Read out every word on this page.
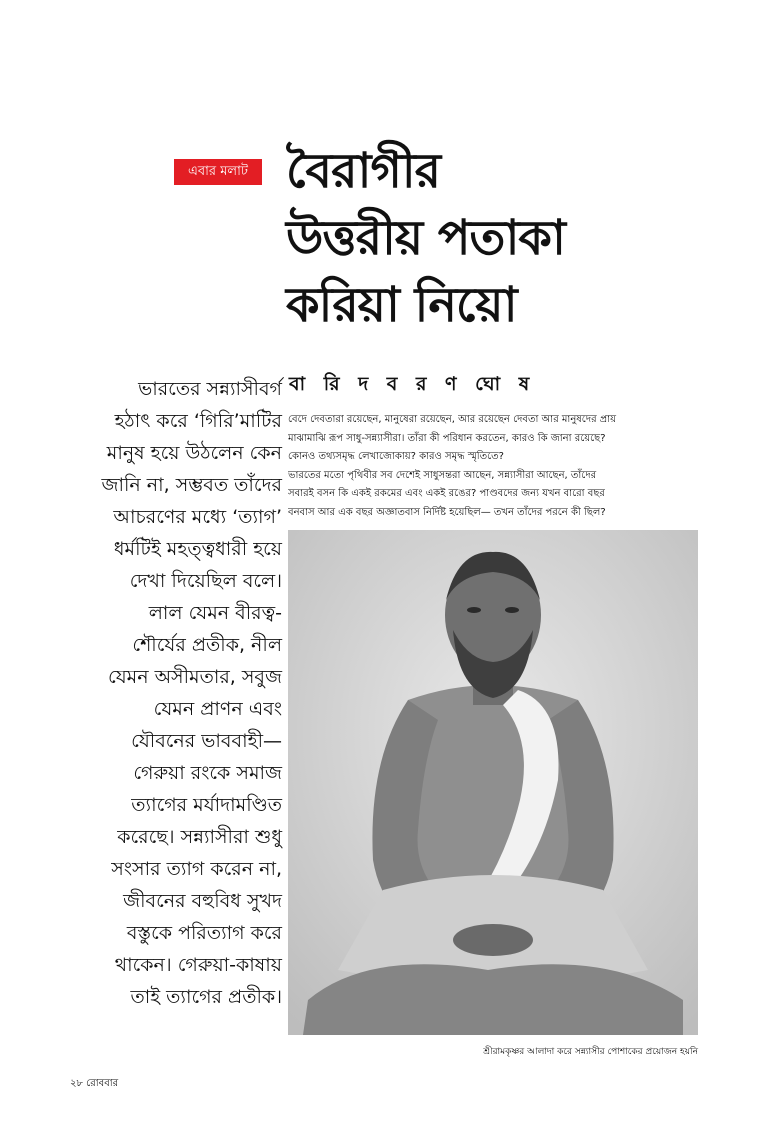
এবার মলাট বৈরাগীর
উত্তরীয় পতাকা
করিয়া নিয়ো
বা রি দ ব র ণ ঘো ষ
ভারতের সন্ন্যাসীবর্গ
হঠাৎ করে ‘গিরি’মাটির
মানুষ হয়ে উঠলেন কেন
জানি না, সম্ভবত তাঁদের
আচরণের মধ্যে ‘ত্যাগ’
ধর্মটিই মহত্ত্বধারী হয়ে
দেখা দিয়েছিল বলে।
লাল যেমন বীরত্ব-
শৌর্যের প্রতীক, নীল
যেমন অসীমতার, সবুজ
যেমন প্রাণন এবং
যৌবনের ভাববাহী—
গেরুয়া রংকে সমাজ
ত্যাগের মর্যাদামণ্ডিত
করেছে। সন্ন্যাসীরা শুধু
সংসার ত্যাগ করেন না,
জীবনের বহুবিধ সুখদ
বস্তুকে পরিত্যাগ করে
থাকেন। গেরুয়া-কাষায়
তাই ত্যাগের প্রতীক।
বেদে দেবতারা রয়েছেন, মানুষেরা রয়েছেন, আর রয়েছেন দেবতা আর মানুষদের প্রায়
মাঝামাঝি রূপ সাধু-সন্ন্যাসীরা। তাঁরা কী পরিধান করতেন, কারও কি জানা রয়েছে?
কোনও তথ্যসমৃদ্ধ লেখাজোকায়? কারও সমৃদ্ধ স্মৃতিতে?
ভারতের মতো পৃথিবীর সব দেশেই সাধুসন্তরা আছেন, সন্ন্যাসীরা আছেন, তাঁদের
সবারই বসন কি একই রকমের এবং একই রঙের? পাণ্ডবদের জন্য যখন বারো বছর
বনবাস আর এক বছর অজ্ঞাতবাস নির্দিষ্ট হয়েছিল— তখন তাঁদের পরনে কী ছিল?
শ্রীরামকৃষ্ণর আলাদা করে সন্ন্যাসীর পোশাকের প্রয়োজন হয়নি
২৮ রোববার
